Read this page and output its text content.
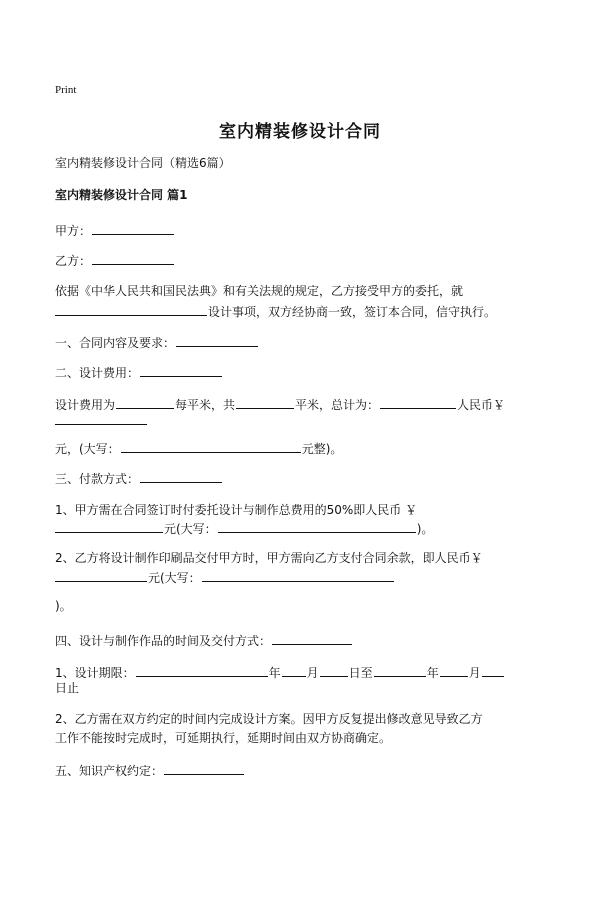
Print
室内精装修设计合同
室内精装修设计合同（精选6篇）
室内精装修设计合同 篇1
甲方：
乙方：
依据《中华人民共和国民法典》和有关法规的规定，乙方接受甲方的委托，就
设计事项，双方经协商一致，签订本合同，信守执行。
一、合同内容及要求：
二、设计费用：
设计费用为	每平米，共	平米，总计为：	人民币￥
元，(大写：	元整)。
三、付款方式：
1、甲方需在合同签订时付委托设计与制作总费用的50%即人民币 ￥
元(大写：	)。
2、乙方将设计制作印刷品交付甲方时，甲方需向乙方支付合同余款，即人民币￥
元(大写：
)。
四、设计与制作作品的时间及交付方式：
1、设计期限：	年 月	日至	年	月
日止
2、乙方需在双方约定的时间内完成设计方案。因甲方反复提出修改意见导致乙方
工作不能按时完成时，可延期执行，延期时间由双方协商确定。
五、知识产权约定：
